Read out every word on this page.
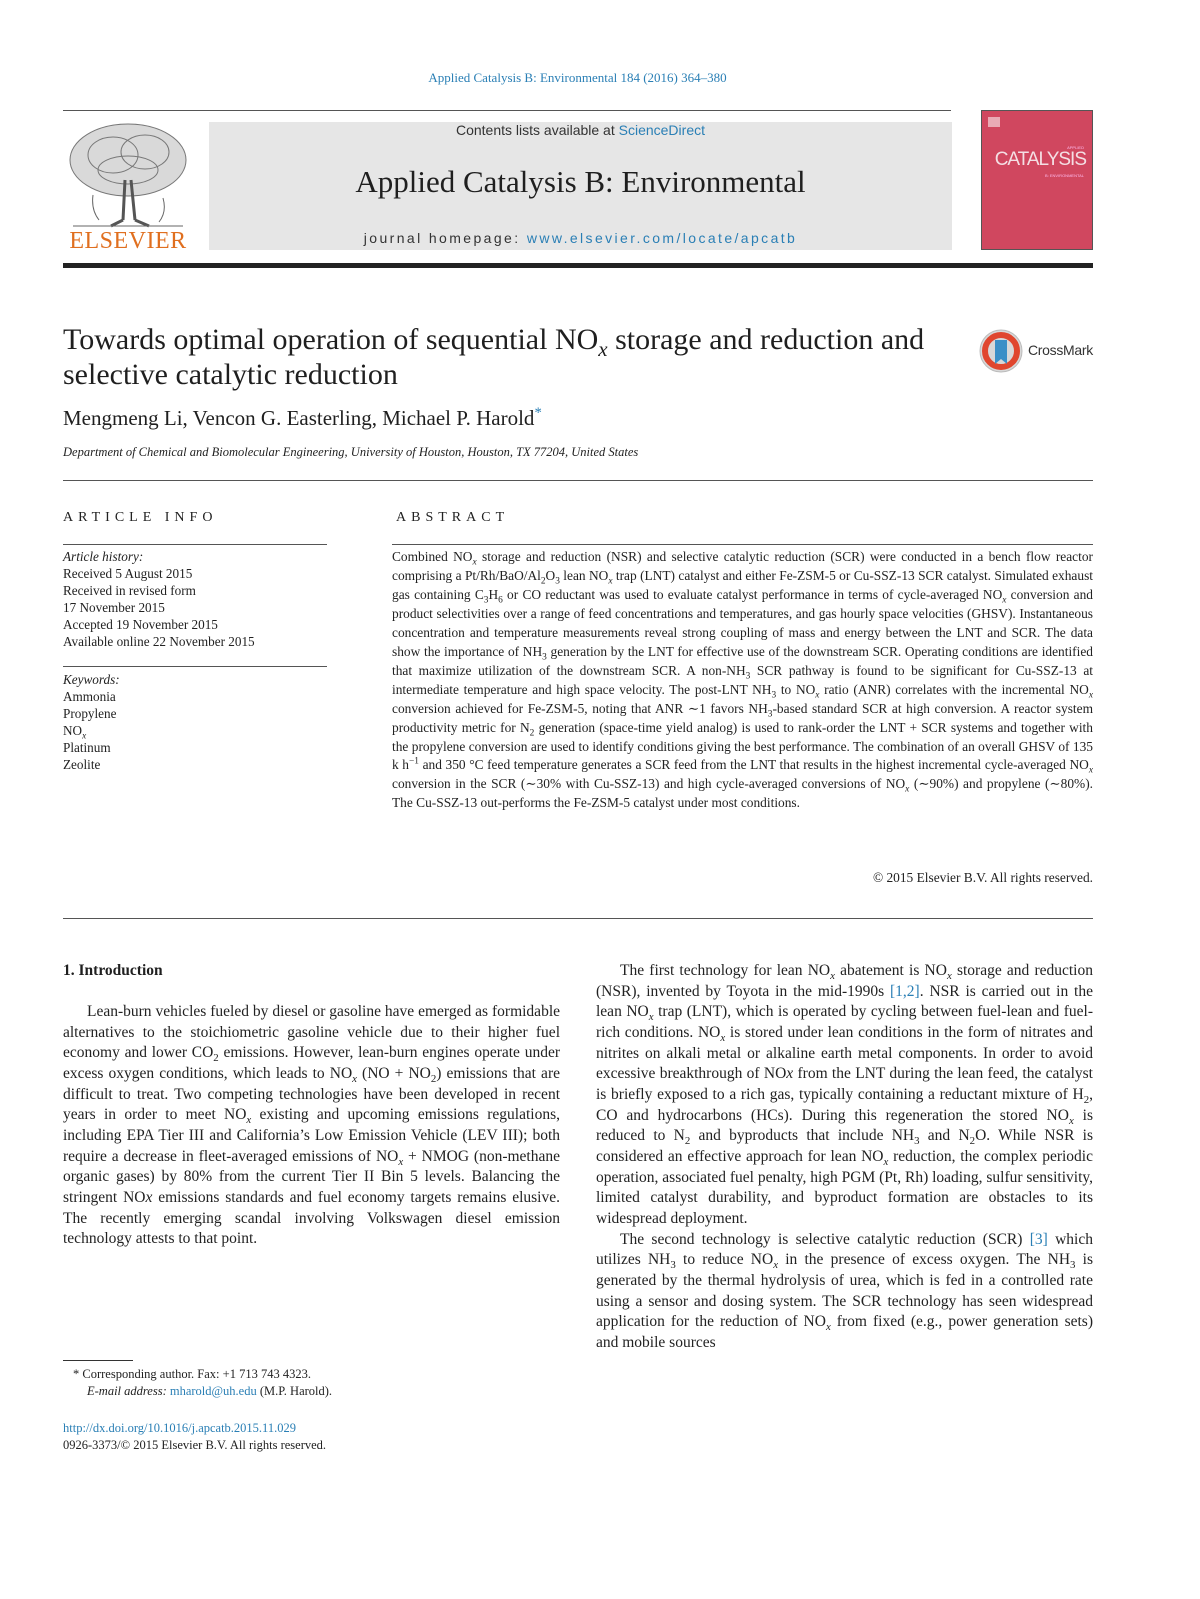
Applied Catalysis B: Environmental 184 (2016) 364–380
ELSEVIER
Contents lists available at ScienceDirect
Applied Catalysis B: Environmental
journal homepage: www.elsevier.com/locate/apcatb
APPLIED
CATALYSIS
B: ENVIRONMENTAL
Towards optimal operation of sequential $NO_x$ storage and reduction and selective catalytic reduction
CrossMark
Mengmeng Li, Vencon G. Easterling, Michael P. Harold*
Department of Chemical and Biomolecular Engineering, University of Houston, Houston, TX 77204, United States
ARTICLE INFO
Article history:
Received 5 August 2015
Received in revised form
17 November 2015
Accepted 19 November 2015
Available online 22 November 2015
Keywords:
Ammonia
Propylene
$NO_x$
Platinum
Zeolite
ABSTRACT
Combined $NO_x$ storage and reduction (NSR) and selective catalytic reduction (SCR) were conducted in a bench flow reactor comprising a $Pt/Rh/BaO/Al_2O_3$ lean $NO_x$ trap (LNT) catalyst and either Fe-ZSM-5 or Cu-SSZ-13 SCR catalyst. Simulated exhaust gas containing $C_3H_6$ or CO reductant was used to evaluate catalyst performance in terms of cycle-averaged $NO_x$ conversion and product selectivities over a range of feed concentrations and temperatures, and gas hourly space velocities (GHSV). Instantaneous concentration and temperature measurements reveal strong coupling of mass and energy between the LNT and SCR. The data show the importance of $NH_3$ generation by the LNT for effective use of the downstream SCR. Operating conditions are identified that maximize utilization of the downstream SCR. A non-$NH_3$ SCR pathway is found to be significant for Cu-SSZ-13 at intermediate temperature and high space velocity. The post-LNT $NH_3$ to $NO_x$ ratio (ANR) correlates with the incremental $NO_x$ conversion achieved for Fe-ZSM-5, noting that ANR ∼1 favors $NH_3$-based standard SCR at high conversion. A reactor system productivity metric for $N_2$ generation (space-time yield analog) is used to rank-order the LNT + SCR systems and together with the propylene conversion are used to identify conditions giving the best performance. The combination of an overall GHSV of 135 k $h^{-1}$ and 350 °C feed temperature generates a SCR feed from the LNT that results in the highest incremental cycle-averaged $NO_x$ conversion in the SCR (∼30% with Cu-SSZ-13) and high cycle-averaged conversions of $NO_x$ (∼90%) and propylene (∼80%). The Cu-SSZ-13 out-performs the Fe-ZSM-5 catalyst under most conditions.
© 2015 Elsevier B.V. All rights reserved.
1. Introduction

Lean-burn vehicles fueled by diesel or gasoline have emerged as formidable alternatives to the stoichiometric gasoline vehicle due to their higher fuel economy and lower $CO_2$ emissions. However, lean-burn engines operate under excess oxygen conditions, which leads to $NO_x$ $(NO + NO_2)$ emissions that are difficult to treat. Two competing technologies have been developed in recent years in order to meet $NO_x$ existing and upcoming emissions regulations, including EPA Tier III and California’s Low Emission Vehicle (LEV III); both require a decrease in fleet-averaged emissions of $NO_x$ + NMOG (non-methane organic gases) by 80% from the current Tier II Bin 5 levels. Balancing the stringent NOx emissions standards and fuel economy targets remains elusive. The recently emerging scandal involving Volkswagen diesel emission technology attests to that point.

The first technology for lean $NO_x$ abatement is $NO_x$ storage and reduction (NSR), invented by Toyota in the mid-1990s [1,2]. NSR is carried out in the lean $NO_x$ trap (LNT), which is operated by cycling between fuel-lean and fuel-rich conditions. $NO_x$ is stored under lean conditions in the form of nitrates and nitrites on alkali metal or alkaline earth metal components. In order to avoid excessive breakthrough of NOx from the LNT during the lean feed, the catalyst is briefly exposed to a rich gas, typically containing a reductant mixture of $H_2$, CO and hydrocarbons (HCs). During this regeneration the stored $NO_x$ is reduced to $N_2$ and byproducts that include $NH_3$ and $N_2O$. While NSR is considered an effective approach for lean $NO_x$ reduction, the complex periodic operation, associated fuel penalty, high PGM (Pt, Rh) loading, sulfur sensitivity, limited catalyst durability, and byproduct formation are obstacles to its widespread deployment.

The second technology is selective catalytic reduction (SCR) [3] which utilizes $NH_3$ to reduce $NO_x$ in the presence of excess oxygen. The $NH_3$ is generated by the thermal hydrolysis of urea, which is fed in a controlled rate using a sensor and dosing system. The SCR technology has seen widespread application for the reduction of $NO_x$ from fixed (e.g., power generation sets) and mobile sources

* Corresponding author. Fax: +1 713 743 4323.
E-mail address: mharold@uh.edu (M.P. Harold).
http://dx.doi.org/10.1016/j.apcatb.2015.11.029
0926-3373/© 2015 Elsevier B.V. All rights reserved.
